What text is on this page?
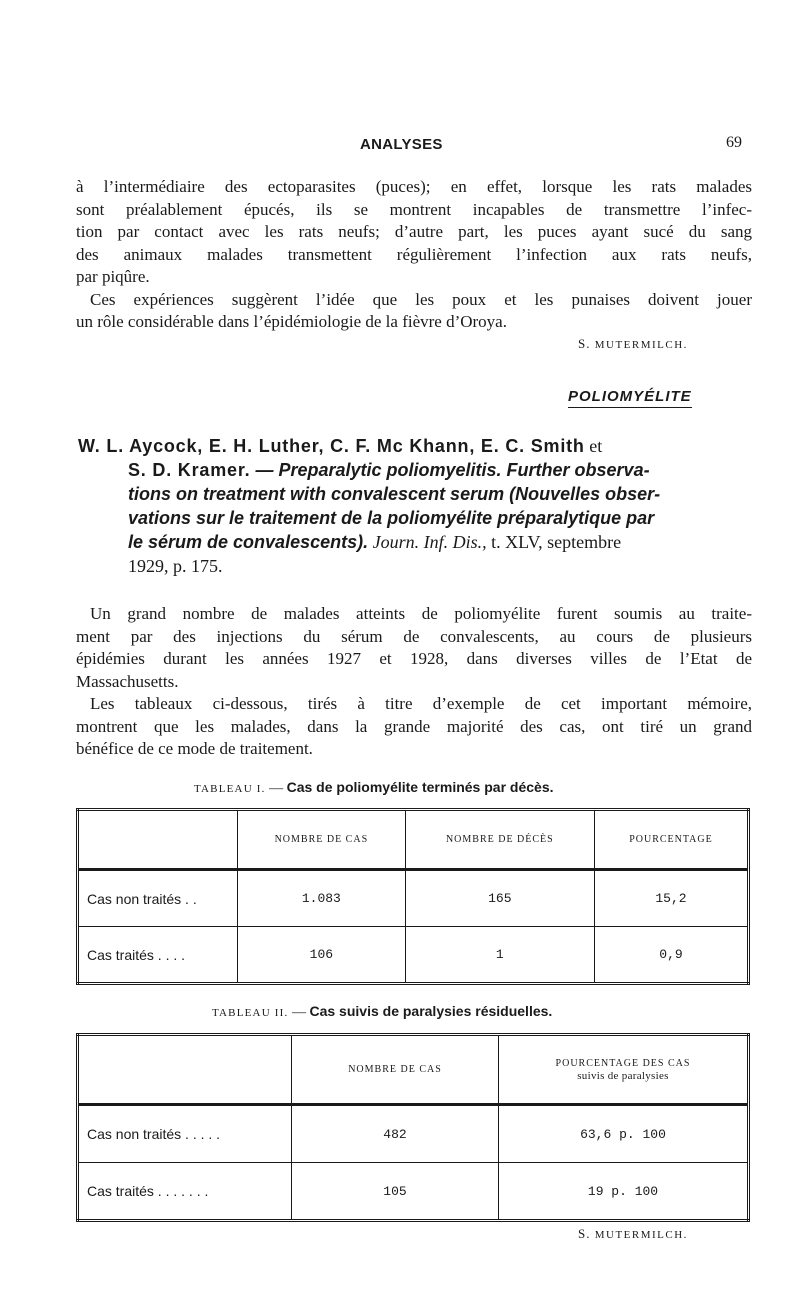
ANALYSES	69
à l’intermédiaire des ectoparasites (puces); en effet, lorsque les rats malades
sont préalablement épucés, ils se montrent incapables de transmettre l’infec-
tion par contact avec les rats neufs; d’autre part, les puces ayant sucé du sang
des animaux malades transmettent régulièrement l’infection aux rats neufs,
par piqûre.
Ces expériences suggèrent l’idée que les poux et les punaises doivent jouer
un rôle considérable dans l’épidémiologie de la fièvre d’Oroya.
S. MUTERMILCH.
POLIOMYÉLITE
W. L. Aycock, E. H. Luther, C. F. Mc Khann, E. C. Smith et
S. D. Kramer. — Preparalytic poliomyelitis. Further observa-
tions on treatment with convalescent serum (Nouvelles obser-
vations sur le traitement de la poliomyélite préparalytique par
le sérum de convalescents). Journ. Inf. Dis., t. XLV, septembre
1929, p. 175.
Un grand nombre de malades atteints de poliomyélite furent soumis au traite-
ment par des injections du sérum de convalescents, au cours de plusieurs
épidémies durant les années 1927 et 1928, dans diverses villes de l’Etat de
Massachusetts.
Les tableaux ci-dessous, tirés à titre d’exemple de cet important mémoire,
montrent que les malades, dans la grande majorité des cas, ont tiré un grand
bénéfice de ce mode de traitement.
TABLEAU I. — Cas de poliomyélite terminés par décès.
	NOMBRE DE CAS	NOMBRE DE DÉCÈS	POURCENTAGE
Cas non traités . .	1.083	165	15,2
Cas traités . . . .	106	1	0,9
TABLEAU II. — Cas suivis de paralysies résiduelles.
	NOMBRE DE CAS	POURCENTAGE DES CAS
suivis de paralysies
Cas non traités . . . . .	482	63,6 p. 100
Cas traités . . . . . . .	105	19 p. 100
S. MUTERMILCH.
